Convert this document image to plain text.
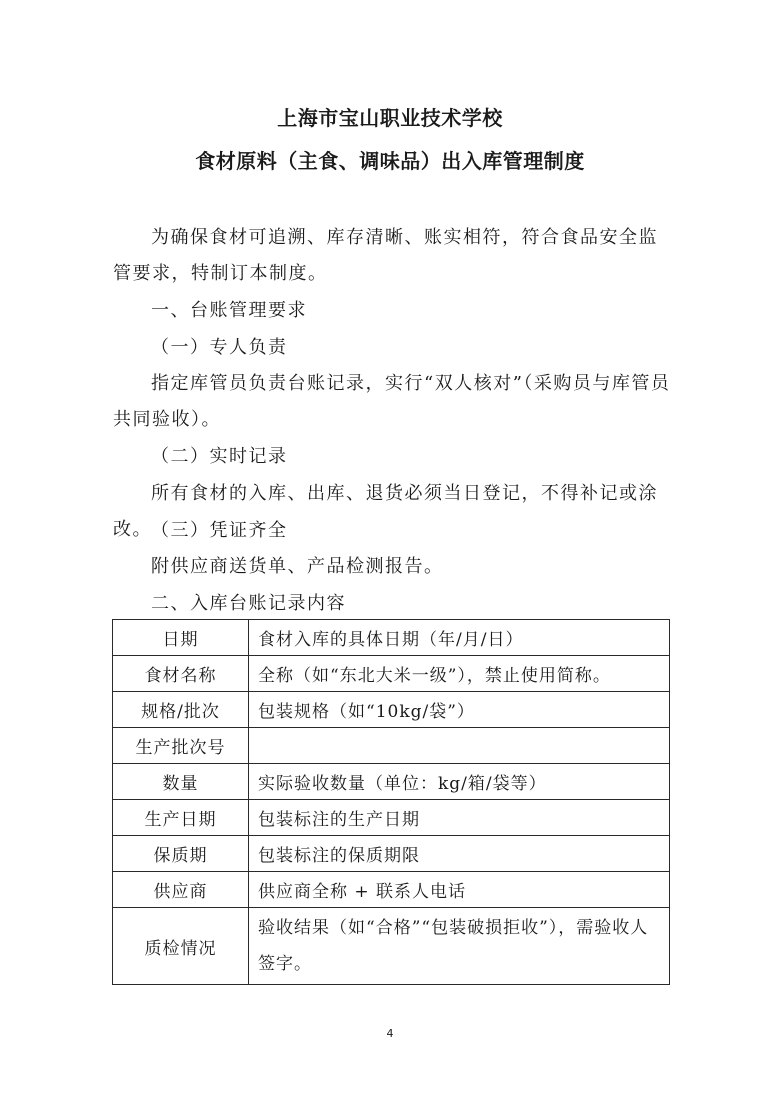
上海市宝山职业技术学校
食材原料（主食、调味品）出入库管理制度
为确保食材可追溯、库存清晰、账实相符，符合食品安全监管要求，特制订本制度。
一、台账管理要求
（一）专人负责
指定库管员负责台账记录，实行“双人核对”（采购员与库管员共同验收）。
（二）实时记录
所有食材的入库、出库、退货必须当日登记，不得补记或涂改。 （三）凭证齐全
附供应商送货单、产品检测报告。
二、入库台账记录内容
日期	食材入库的具体日期（年/月/日）
食材名称	全称（如“东北大米一级”），禁止使用简称。
规格/批次	包装规格（如“10kg/袋”）
生产批次号	
数量	实际验收数量（单位：kg/箱/袋等）
生产日期	包装标注的生产日期
保质期	包装标注的保质期限
供应商	供应商全称 + 联系人电话
质检情况	验收结果（如“合格”“包装破损拒收”），需验收人签字。
4
